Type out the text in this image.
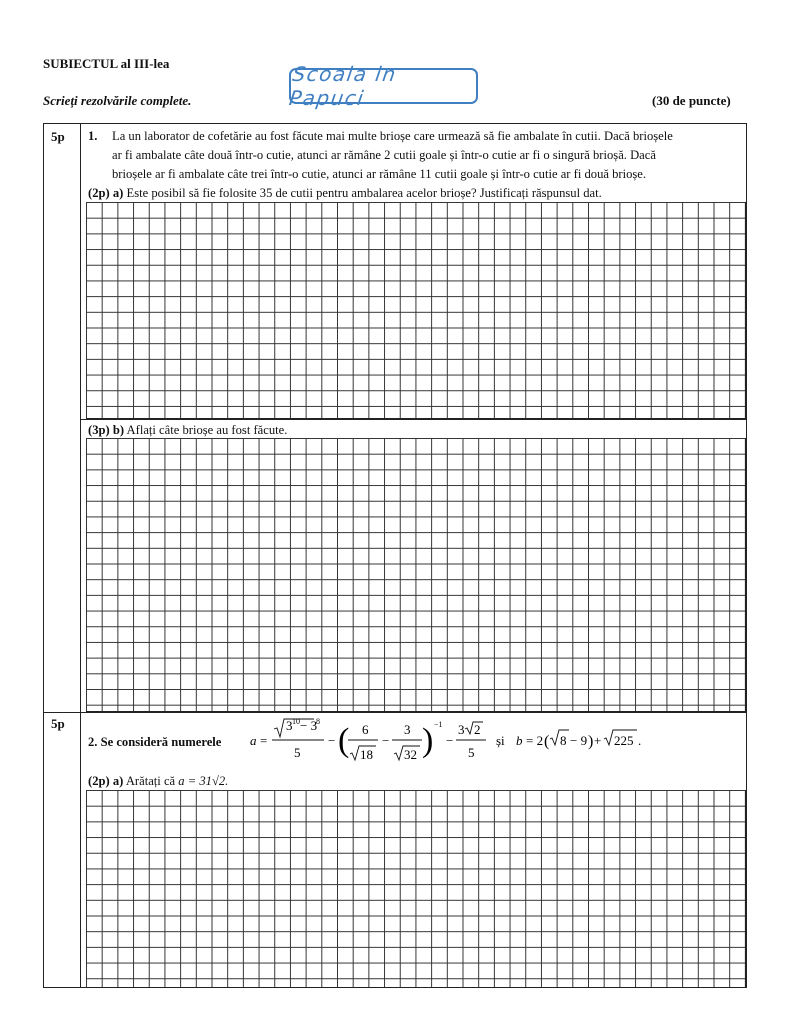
SUBIECTUL al III-lea
Scrieți rezolvările complete.
Scoala in Papuci	(30 de puncte)
5p 1. La un laborator de cofetărie au fost făcute mai multe brioșe care urmează să fie ambalate în cutii. Dacă brioșele
ar fi ambalate câte două într-o cutie, atunci ar rămâne 2 cutii goale și într-o cutie ar fi o singură brioșă. Dacă
brioșele ar fi ambalate câte trei într-o cutie, atunci ar rămâne 11 cutii goale și într-o cutie ar fi două brioșe.
(2p) a) Este posibil să fie folosite 35 de cutii pentru ambalarea acelor brioșe? Justificați răspunsul dat.
(3p) b) Aflați câte brioșe au fost făcute.
5p
2. Se consideră numerele a =
3 10 − 3
8
5
− ( 6
18
−
3
32 ) −1
−
3 2
5
și b = 2 ( 8 − 9 ) + 225 .
(2p) a) Arătați că a = 31√2.
